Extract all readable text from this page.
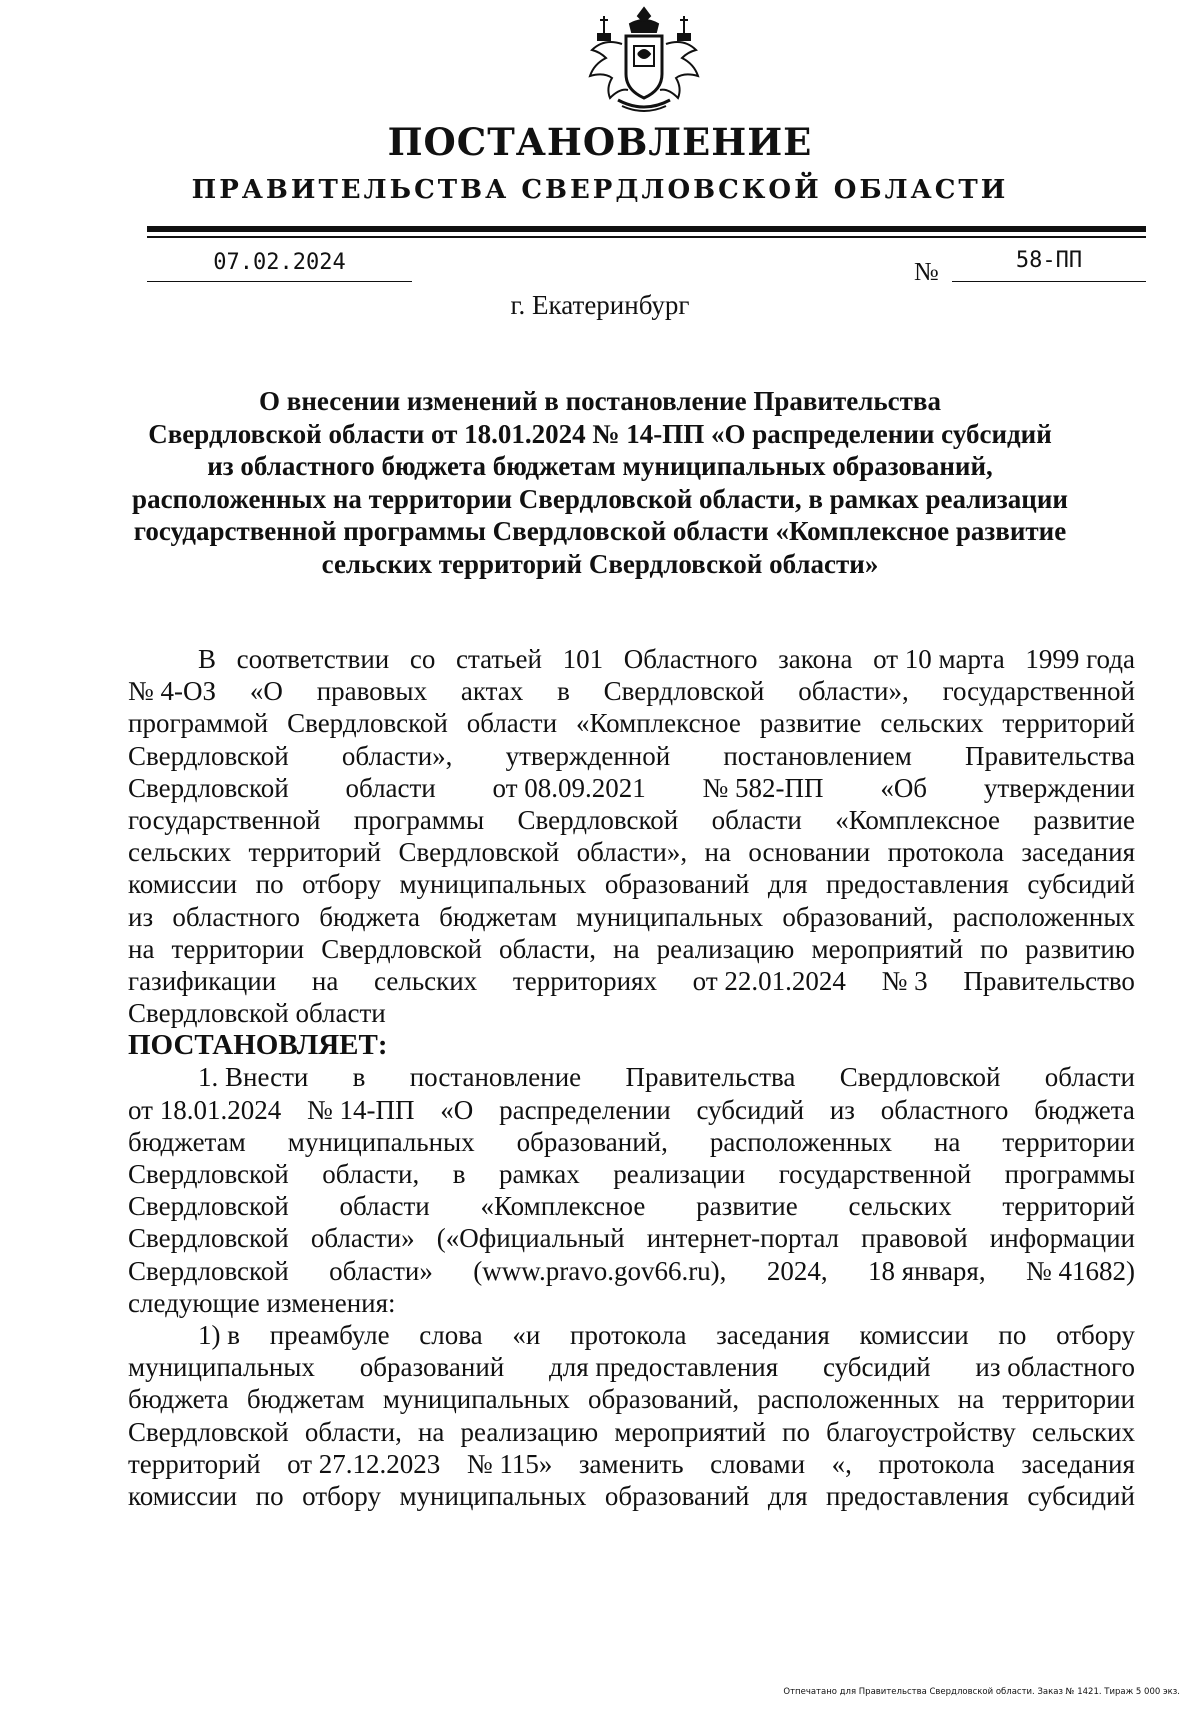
ПОСТАНОВЛЕНИЕ
ПРАВИТЕЛЬСТВА СВЕРДЛОВСКОЙ ОБЛАСТИ
07.02.2024	№	58-ПП
г. Екатеринбург
О внесении изменений в постановление Правительства
Свердловской области от 18.01.2024 № 14-ПП «О распределении субсидий
из областного бюджета бюджетам муниципальных образований,
расположенных на территории Свердловской области, в рамках реализации
государственной программы Свердловской области «Комплексное развитие
сельских территорий Свердловской области»
В соответствии со статьей 101 Областного закона от 10 марта 1999 года
№ 4-ОЗ «О правовых актах в Свердловской области», государственной
программой Свердловской области «Комплексное развитие сельских территорий
Свердловской области», утвержденной постановлением Правительства
Свердловской области от 08.09.2021 № 582-ПП «Об утверждении
государственной программы Свердловской области «Комплексное развитие
сельских территорий Свердловской области», на основании протокола заседания
комиссии по отбору муниципальных образований для предоставления субсидий
из областного бюджета бюджетам муниципальных образований, расположенных
на территории Свердловской области, на реализацию мероприятий по развитию
газификации на сельских территориях от 22.01.2024 № 3 Правительство
Свердловской области
ПОСТАНОВЛЯЕТ:
1. Внести в постановление Правительства Свердловской области
от 18.01.2024 № 14-ПП «О распределении субсидий из областного бюджета
бюджетам муниципальных образований, расположенных на территории
Свердловской области, в рамках реализации государственной программы
Свердловской области «Комплексное развитие сельских территорий
Свердловской области» («Официальный интернет-портал правовой информации
Свердловской области» (www.pravo.gov66.ru), 2024, 18 января, № 41682)
следующие изменения:
1) в преамбуле слова «и протокола заседания комиссии по отбору
муниципальных образований для предоставления субсидий из областного
бюджета бюджетам муниципальных образований, расположенных на территории
Свердловской области, на реализацию мероприятий по благоустройству сельских
территорий от 27.12.2023 № 115» заменить словами «, протокола заседания
комиссии по отбору муниципальных образований для предоставления субсидий
Отпечатано для Правительства Свердловской области. Заказ № 1421. Тираж 5 000 экз.
